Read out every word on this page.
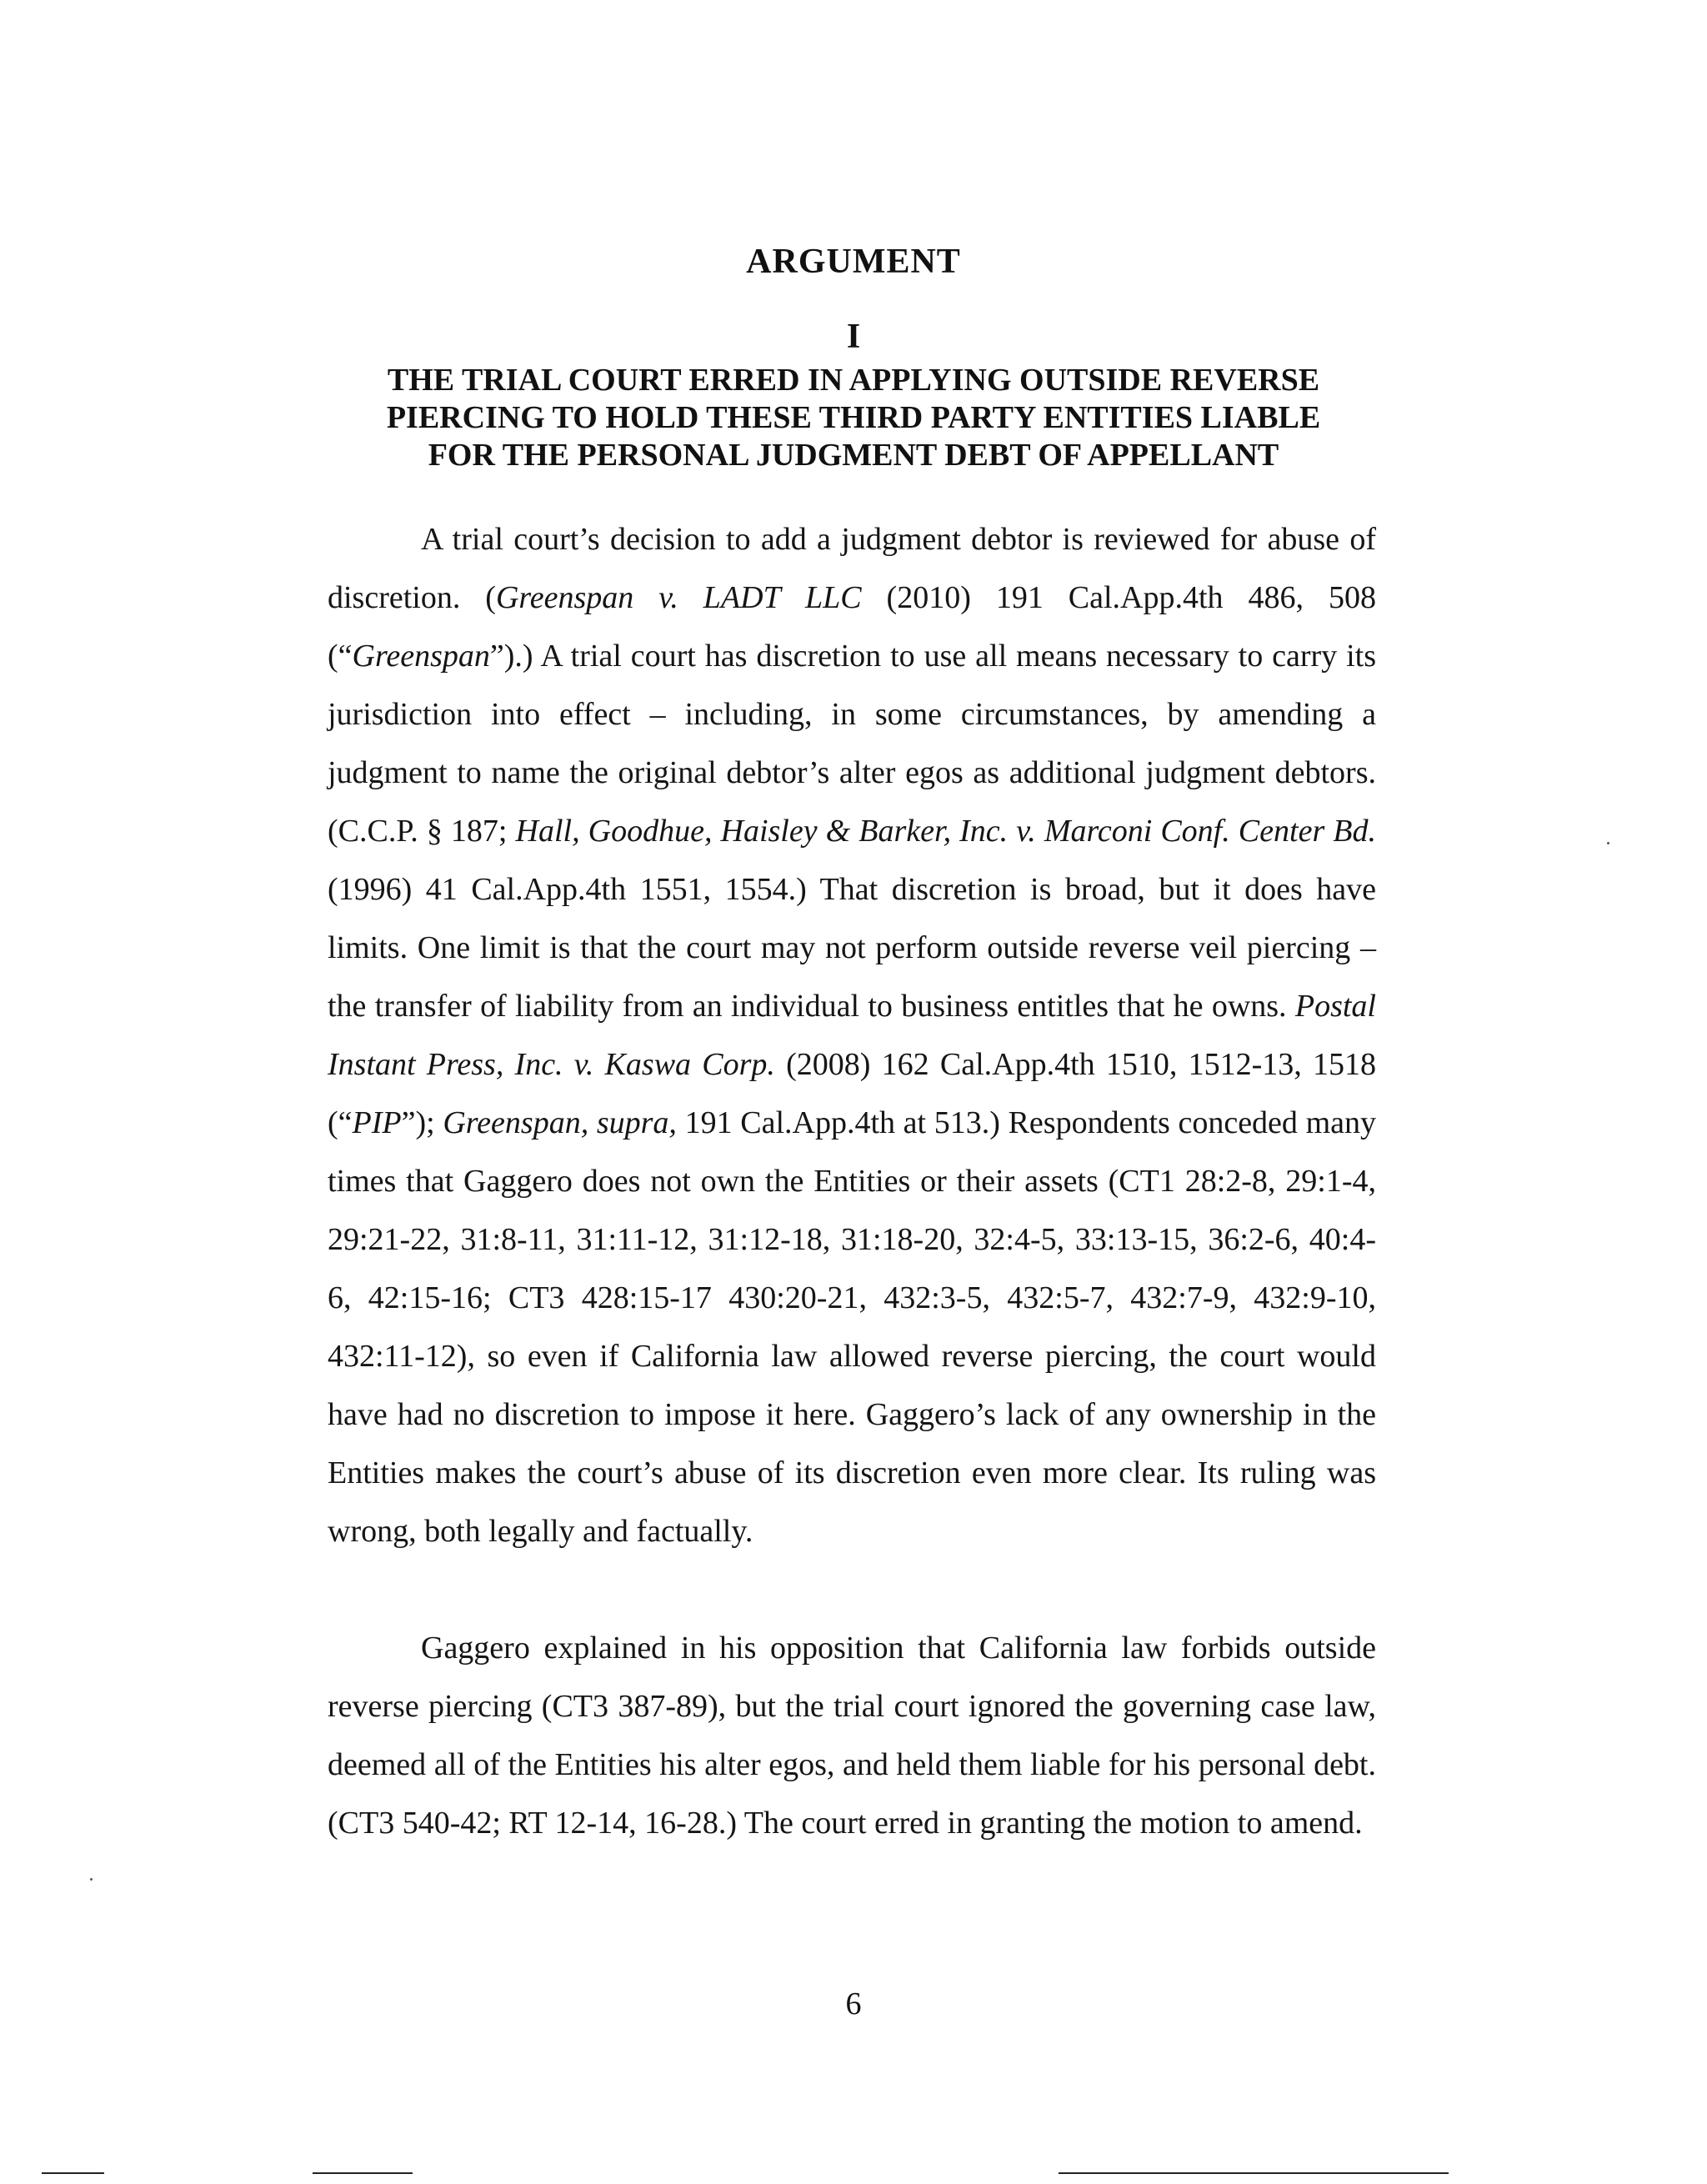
ARGUMENT
I
THE TRIAL COURT ERRED IN APPLYING OUTSIDE REVERSE
PIERCING TO HOLD THESE THIRD PARTY ENTITIES LIABLE
FOR THE PERSONAL JUDGMENT DEBT OF APPELLANT

A trial court’s decision to add a judgment debtor is reviewed for abuse of discretion. (Greenspan v. LADT LLC (2010) 191 Cal.App.4th 486, 508 (“Greenspan”).) A trial court has discretion to use all means necessary to carry its jurisdiction into effect – including, in some circumstances, by amending a judgment to name the original debtor’s alter egos as additional judgment debtors. (C.C.P. § 187; Hall, Goodhue, Haisley & Barker, Inc. v. Marconi Conf. Center Bd. (1996) 41 Cal.App.4th 1551, 1554.) That discretion is broad, but it does have limits. One limit is that the court may not perform outside reverse veil piercing – the transfer of liability from an individual to business entitles that he owns. Postal Instant Press, Inc. v. Kaswa Corp. (2008) 162 Cal.App.4th 1510, 1512-13, 1518 (“PIP”); Greenspan, supra, 191 Cal.App.4th at 513.) Respondents conceded many times that Gaggero does not own the Entities or their assets (CT1 28:2-8, 29:1-4, 29:21-22, 31:8-11, 31:11-12, 31:12-18, 31:18-20, 32:4-5, 33:13-15, 36:2-6, 40:4-6, 42:15-16; CT3 428:15-17 430:20-21, 432:3-5, 432:5-7, 432:7-9, 432:9-10, 432:11-12), so even if California law allowed reverse piercing, the court would have had no discretion to impose it here. Gaggero’s lack of any ownership in the Entities makes the court’s abuse of its discretion even more clear. Its ruling was wrong, both legally and factually.

Gaggero explained in his opposition that California law forbids outside reverse piercing (CT3 387-89), but the trial court ignored the governing case law, deemed all of the Entities his alter egos, and held them liable for his personal debt. (CT3 540-42; RT 12-14, 16-28.) The court erred in granting the motion to amend.

6
